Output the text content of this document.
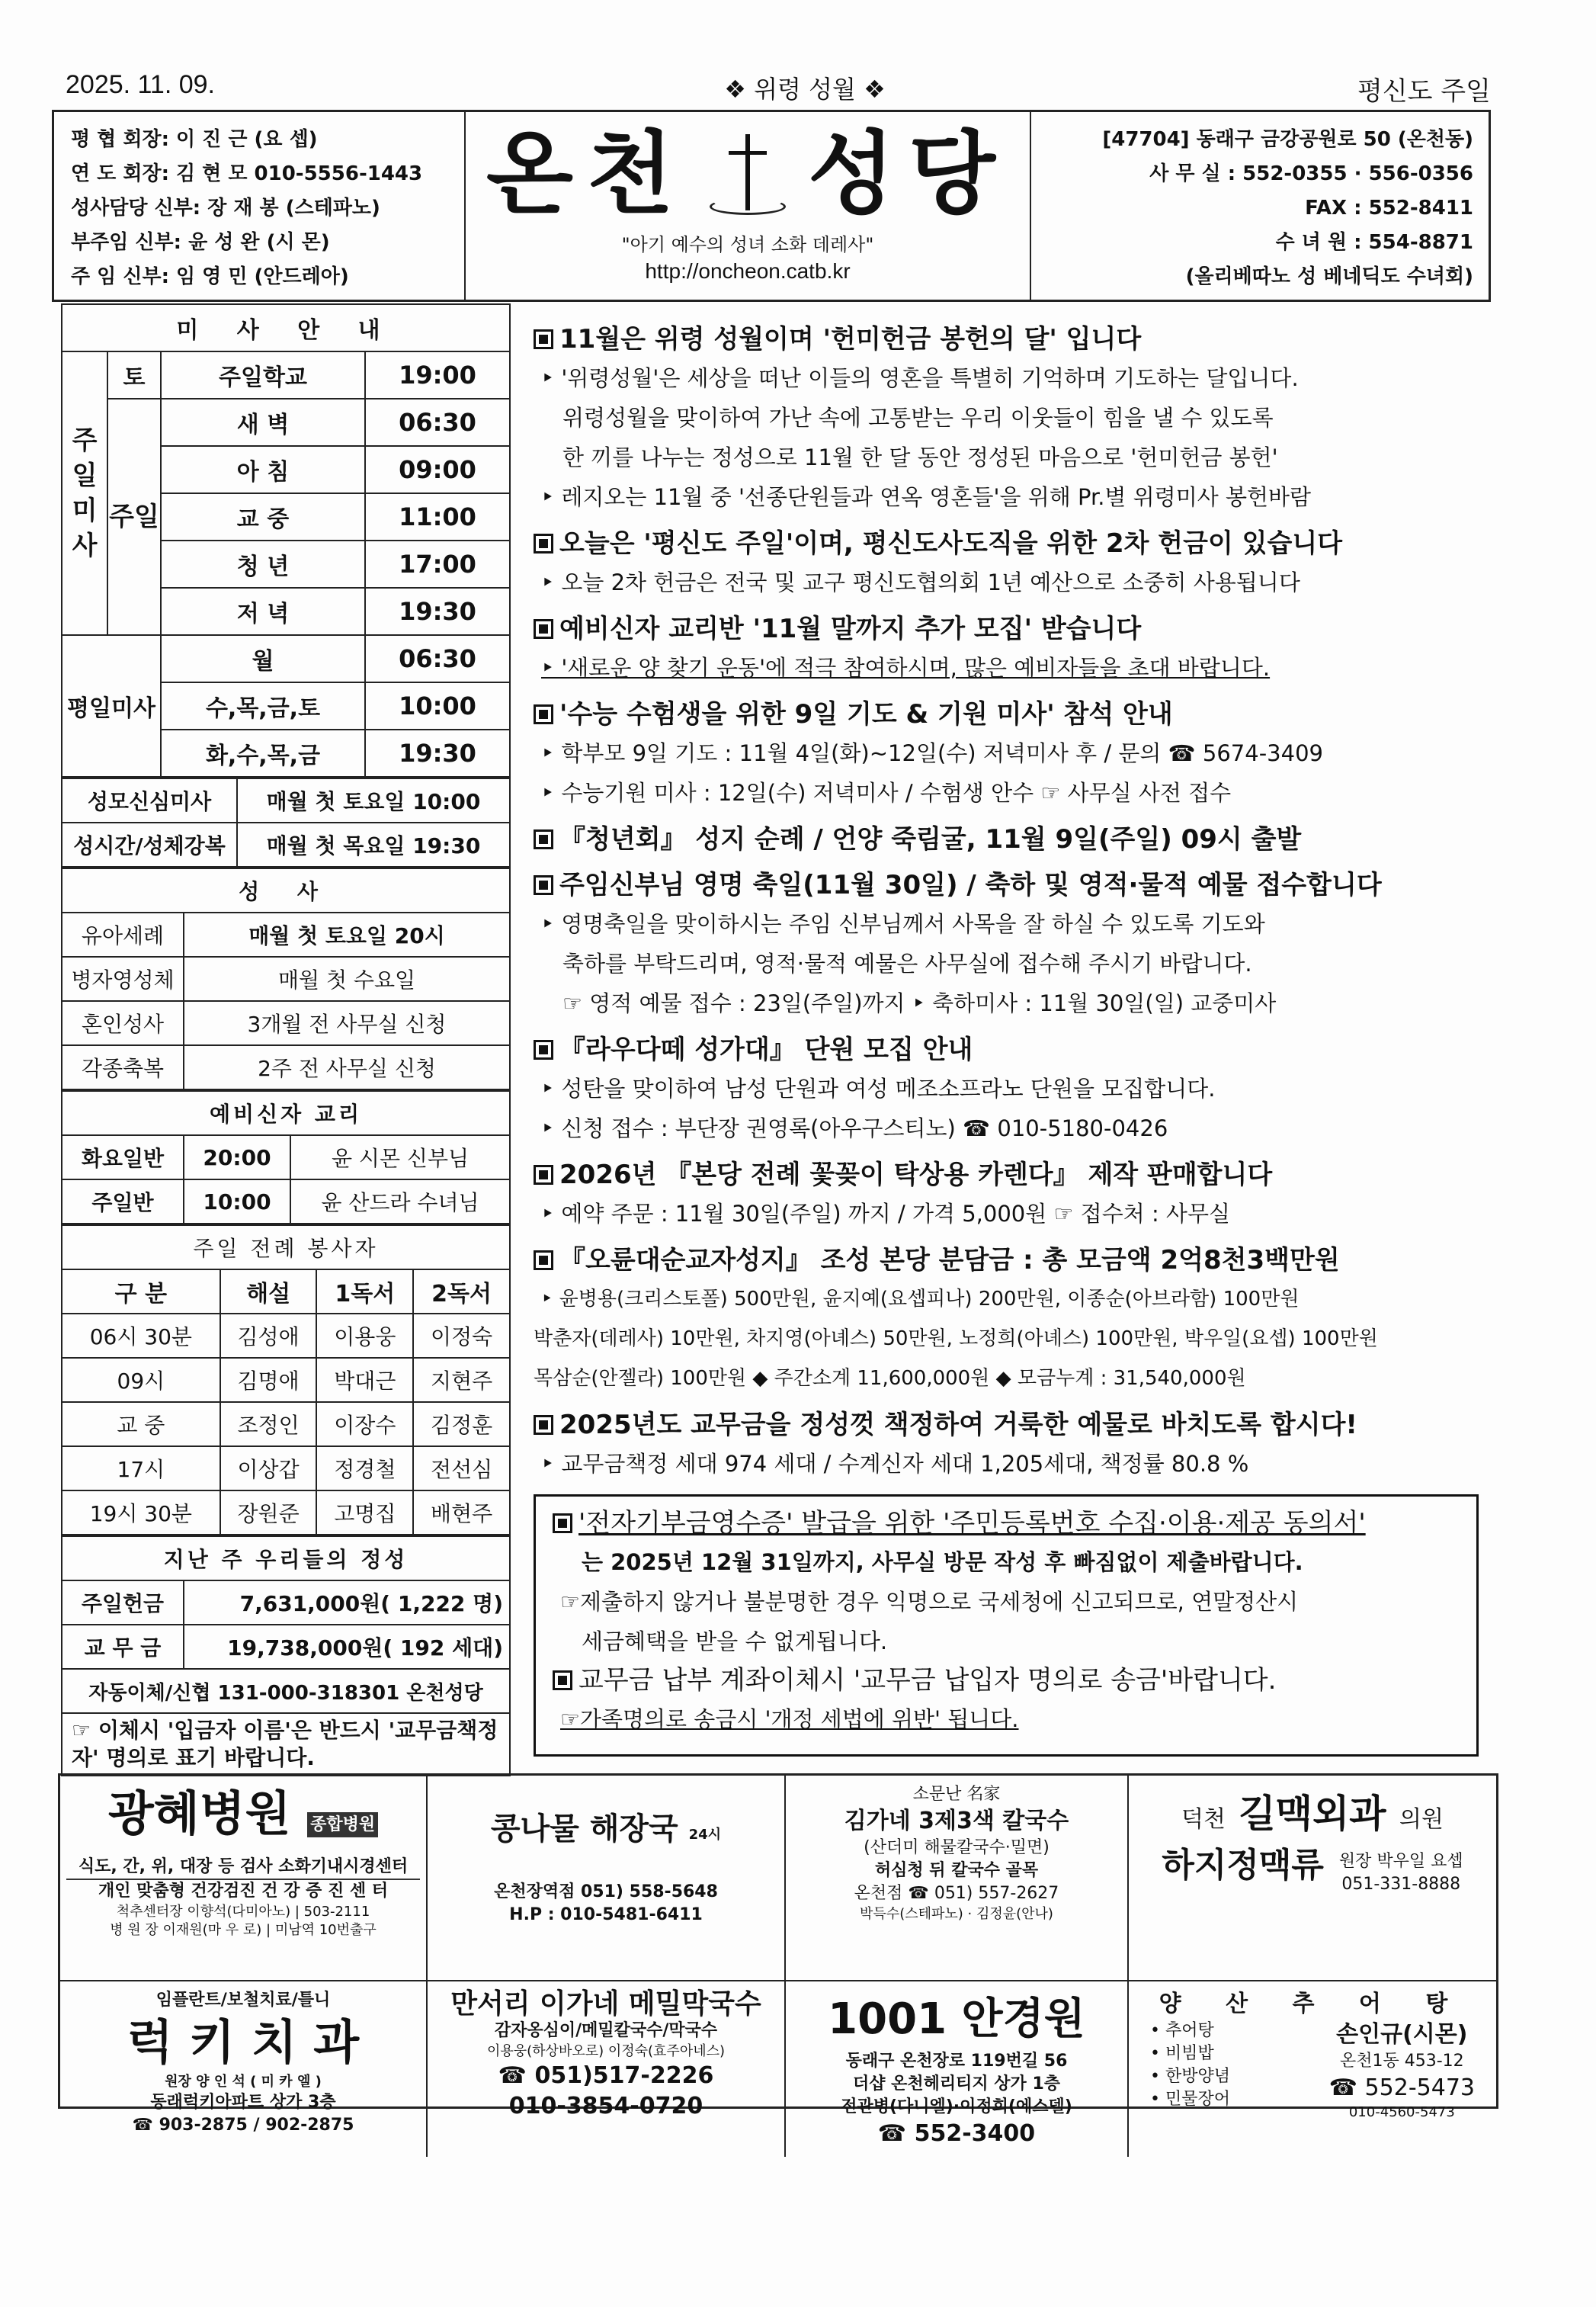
2025. 11. 09.	❖ 위령 성월 ❖	평신도 주일
평 협 회장: 이 진 근 (요 셉)
연 도 회장: 김 현 모 010-5556-1443
성사담당 신부: 장 재 봉 (스테파노)
부주임 신부: 윤 성 완 (시 몬)
주 임 신부: 임 영 민 (안드레아)
온천 성당
"아기 예수의 성녀 소화 데레사"
http://oncheon.catb.kr
[47704] 동래구 금강공원로 50 (온천동)
사 무 실 : 552-0355 · 556-0356
FAX : 552-8411
수 녀 원 : 554-8871
(올리베따노 성 베네딕도 수녀회)
미 사 안 내			
주일미사	토	주일학교	19:00
	주일	새 벽	06:30
		아 침	09:00
		교 중	11:00
		청 년	17:00
		저 녁	19:30
평일미사		월	06:30
		수,목,금,토	10:00
		화,수,목,금	19:30
성모신심미사	매월 첫 토요일 10:00
성시간/성체강복	매월 첫 목요일 19:30
성 사	
유아세례	매월 첫 토요일 20시
병자영성체	매월 첫 수요일
혼인성사	3개월 전 사무실 신청
각종축복	2주 전 사무실 신청
예비신자 교리		
화요일반	20:00	윤 시몬 신부님
주일반	10:00	윤 산드라 수녀님
주일 전례 봉사자			
구 분	해설	1독서	2독서
06시 30분	김성애	이용웅	이정숙
09시	김명애	박대근	지현주
교 중	조정인	이장수	김정훈
17시	이상갑	정경철	전선심
19시 30분	장원준	고명집	배현주
지난 주 우리들의 정성	
주일헌금	7,631,000원( 1,222 명)
교 무 금	19,738,000원( 192 세대)
자동이체/신협 131-000-318301 온천성당	
☞ 이체시 '입금자 이름'은 반드시 '교무금책정자' 명의로 표기 바랍니다.	
11월은 위령 성월이며 '헌미헌금 봉헌의 달' 입니다
‣ '위령성월'은 세상을 떠난 이들의 영혼을 특별히 기억하며 기도하는 달입니다.
위령성월을 맞이하여 가난 속에 고통받는 우리 이웃들이 힘을 낼 수 있도록
한 끼를 나누는 정성으로 11월 한 달 동안 정성된 마음으로 '헌미헌금 봉헌'
‣ 레지오는 11월 중 '선종단원들과 연옥 영혼들'을 위해 Pr.별 위령미사 봉헌바람
오늘은 '평신도 주일'이며, 평신도사도직을 위한 2차 헌금이 있습니다
‣ 오늘 2차 헌금은 전국 및 교구 평신도협의회 1년 예산으로 소중히 사용됩니다
예비신자 교리반 '11월 말까지 추가 모집' 받습니다
‣ '새로운 양 찾기 운동'에 적극 참여하시며, 많은 예비자들을 초대 바랍니다.
'수능 수험생을 위한 9일 기도 & 기원 미사' 참석 안내
‣ 학부모 9일 기도 : 11월 4일(화)~12일(수) 저녁미사 후 / 문의 ☎ 5674-3409
‣ 수능기원 미사 : 12일(수) 저녁미사 / 수험생 안수 ☞ 사무실 사전 접수
『청년회』 성지 순례 / 언양 죽림굴, 11월 9일(주일) 09시 출발
주임신부님 영명 축일(11월 30일) / 축하 및 영적·물적 예물 접수합니다
‣ 영명축일을 맞이하시는 주임 신부님께서 사목을 잘 하실 수 있도록 기도와
축하를 부탁드리며, 영적·물적 예물은 사무실에 접수해 주시기 바랍니다.
☞ 영적 예물 접수 : 23일(주일)까지 ‣ 축하미사 : 11월 30일(일) 교중미사
『라우다떼 성가대』 단원 모집 안내
‣ 성탄을 맞이하여 남성 단원과 여성 메조소프라노 단원을 모집합니다.
‣ 신청 접수 : 부단장 권영록(아우구스티노) ☎ 010-5180-0426
2026년 『본당 전례 꽃꽂이 탁상용 카렌다』 제작 판매합니다
‣ 예약 주문 : 11월 30일(주일) 까지 / 가격 5,000원 ☞ 접수처 : 사무실
『오륜대순교자성지』 조성 본당 분담금 : 총 모금액 2억8천3백만원
‣ 윤병용(크리스토폴) 500만원, 윤지예(요셉피나) 200만원, 이종순(아브라함) 100만원
박춘자(데레사) 10만원, 차지영(아녜스) 50만원, 노정희(아녜스) 100만원, 박우일(요셉) 100만원
목삼순(안젤라) 100만원 ◆ 주간소계 11,600,000원 ◆ 모금누계 : 31,540,000원
2025년도 교무금을 정성껏 책정하여 거룩한 예물로 바치도록 합시다!
‣ 교무금책정 세대 974 세대 / 수계신자 세대 1,205세대, 책정률 80.8 %
'전자기부금영수증' 발급을 위한 '주민등록번호 수집·이용·제공 동의서'
는 2025년 12월 31일까지, 사무실 방문 작성 후 빠짐없이 제출바랍니다.
☞제출하지 않거나 불분명한 경우 익명으로 국세청에 신고되므로, 연말정산시
세금혜택을 받을 수 없게됩니다.
교무금 납부 계좌이체시 '교무금 납입자 명의로 송금'바랍니다.
☞가족명의로 송금시 '개정 세법에 위반' 됩니다.
광혜병원 종합병원
식도, 간, 위, 대장 등 검사 소화기내시경센터
개인 맞춤형 건강검진 건 강 증 진 센 터
척추센터장 이향석(다미아노) | 503-2111
병 원 장 이재원(마 우 로) | 미남역 10번출구
콩나물 해장국 24시
온천장역점 051) 558-5648
H.P : 010-5481-6411
소문난 名家
김가네 3제3색 칼국수
(산더미 해물칼국수·밀면)
허심청 뒤 칼국수 골목
온천점 ☎ 051) 557-2627
박득수(스테파노) · 김정윤(안나)
덕천 길맥외과 의원
하지정맥류 원장 박우일 요셉
051-331-8888
임플란트/보철치료/틀니
럭 키 치 과
원장 양 인 석 ( 미 카 엘 )
동래럭키아파트 상가 3층
☎ 903-2875 / 902-2875
만서리 이가네 메밀막국수
감자옹심이/메밀칼국수/막국수
이용웅(하상바오로) 이정숙(효주아네스)
☎ 051)517-2226
010-3854-0720
1001 안경원
동래구 온천장로 119번길 56
더샵 온천헤리티지 상가 1층
전관병(다니엘)·이정희(에스델)
☎ 552-3400
양 산 추 어 탕
• 추어탕
• 비빔밥
• 한방양념
• 민물장어
손인규(시몬)
온천1동 453-12
☎ 552-5473
010-4560-5473
